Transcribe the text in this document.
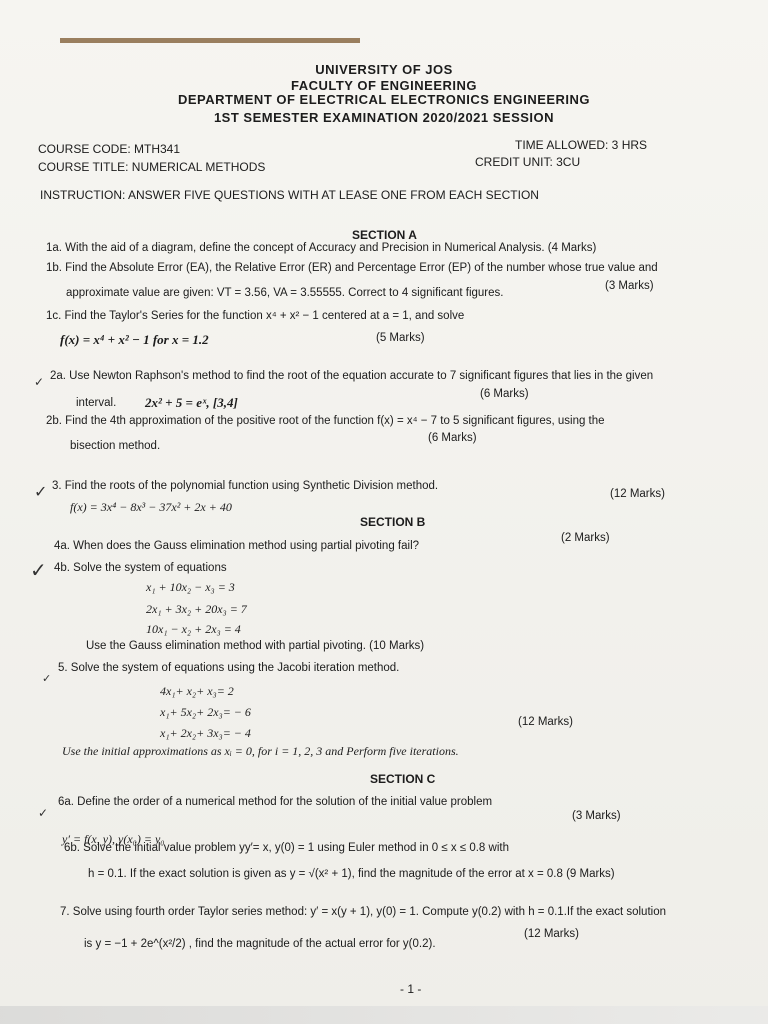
UNIVERSITY OF JOS
FACULTY OF ENGINEERING
DEPARTMENT OF ELECTRICAL ELECTRONICS ENGINEERING
1ST SEMESTER EXAMINATION 2020/2021 SESSION
COURSE CODE: MTH341
COURSE TITLE: NUMERICAL METHODS
TIME ALLOWED: 3 HRS
CREDIT UNIT: 3CU
INSTRUCTION: ANSWER FIVE QUESTIONS WITH AT LEASE ONE FROM EACH SECTION
SECTION A
1a. With the aid of a diagram, define the concept of Accuracy and Precision in Numerical Analysis. (4 Marks)
1b. Find the Absolute Error (EA), the Relative Error (ER) and Percentage Error (EP) of the number whose true value and
approximate value are given: VT = 3.56, VA = 3.55555. Correct to 4 significant figures.
(3 Marks)
1c. Find the Taylor's Series for the function x⁴ + x² − 1 centered at a = 1, and solve
f(x) = x⁴ + x² − 1 for x = 1.2	(5 Marks)
✓ 2a. Use Newton Raphson's method to find the root of the equation accurate to 7 significant figures that lies in the given
interval. 2x² + 5 = eˣ, [3,4]
(6 Marks)
2b. Find the 4th approximation of the positive root of the function f(x) = x⁴ − 7 to 5 significant figures, using the
bisection method.
(6 Marks)
✓ 3. Find the roots of the polynomial function using Synthetic Division method.
f(x) = 3x⁴ − 8x³ − 37x² + 2x + 40
(12 Marks)
SECTION B
4a. When does the Gauss elimination method using partial pivoting fail?
(2 Marks)
✓ 4b. Solve the system of equations
x₁ + 10x₂ − x₃ = 3
2x₁ + 3x₂ + 20x₃ = 7
10x₁ − x₂ + 2x₃ = 4
Use the Gauss elimination method with partial pivoting. (10 Marks)
✓
5. Solve the system of equations using the Jacobi iteration method.
4x₁+ x₂+ x₃= 2
x₁+ 5x₂+ 2x₃= − 6
x₁+ 2x₂+ 3x₃= − 4
(12 Marks)
Use the initial approximations as xᵢ = 0, for i = 1, 2, 3 and Perform five iterations.
SECTION C
✓
6a. Define the order of a numerical method for the solution of the initial value problem
(3 Marks)
y′ = f(x, y), y(x₀) = y₀
6b. Solve the initial value problem yy′= x, y(0) = 1 using Euler method in 0 ≤ x ≤ 0.8 with
h = 0.1. If the exact solution is given as y = √(x² + 1), find the magnitude of the error at x = 0.8 (9 Marks)
7. Solve using fourth order Taylor series method: y′ = x(y + 1), y(0) = 1. Compute y(0.2) with h = 0.1.If the exact solution
is y = −1 + 2e^(x²/2) , find the magnitude of the actual error for y(0.2).
(12 Marks)
- 1 -
